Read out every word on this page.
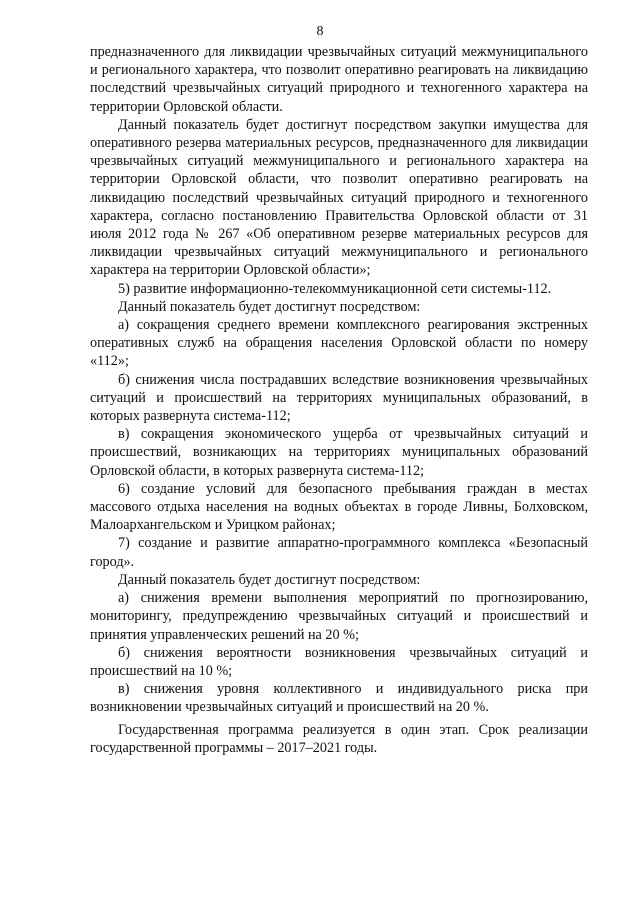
8

предназначенного для ликвидации чрезвычайных ситуаций межмуниципального и регионального характера, что позволит оперативно реагировать на ликвидацию последствий чрезвычайных ситуаций природного и техногенного характера на территории Орловской области.

Данный показатель будет достигнут посредством закупки имущества для оперативного резерва материальных ресурсов, предназначенного для ликвидации чрезвычайных ситуаций межмуниципального и регионального характера на территории Орловской области, что позволит оперативно реагировать на ликвидацию последствий чрезвычайных ситуаций природного и техногенного характера, согласно постановлению Правительства Орловской области от 31 июля 2012 года № 267 «Об оперативном резерве материальных ресурсов для ликвидации чрезвычайных ситуаций межмуниципального и регионального характера на территории Орловской области»;

5) развитие информационно-телекоммуникационной сети системы-112.

Данный показатель будет достигнут посредством:

а) сокращения среднего времени комплексного реагирования экстренных оперативных служб на обращения населения Орловской области по номеру «112»;

б) снижения числа пострадавших вследствие возникновения чрезвычайных ситуаций и происшествий на территориях муниципальных образований, в которых развернута система-112;

в) сокращения экономического ущерба от чрезвычайных ситуаций и происшествий, возникающих на территориях муниципальных образований Орловской области, в которых развернута система-112;

6) создание условий для безопасного пребывания граждан в местах массового отдыха населения на водных объектах в городе Ливны, Болховском, Малоархангельском и Урицком районах;

7) создание и развитие аппаратно-программного комплекса «Безопасный город».

Данный показатель будет достигнут посредством:

а) снижения времени выполнения мероприятий по прогнозированию, мониторингу, предупреждению чрезвычайных ситуаций и происшествий и принятия управленческих решений на 20 %;

б) снижения вероятности возникновения чрезвычайных ситуаций и происшествий на 10 %;

в) снижения уровня коллективного и индивидуального риска при возникновении чрезвычайных ситуаций и происшествий на 20 %.

Государственная программа реализуется в один этап. Срок реализации государственной программы – 2017–2021 годы.
